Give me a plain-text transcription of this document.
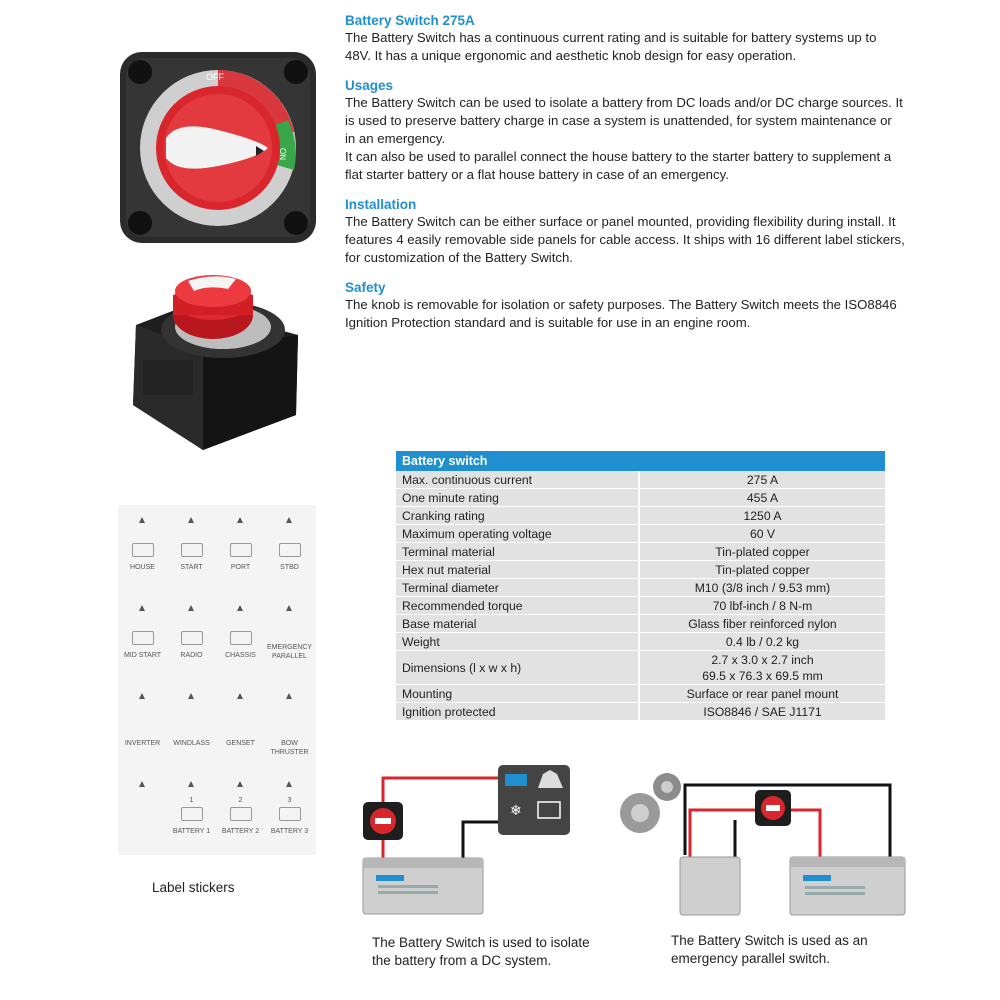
OFF
ON

Battery Switch 275A

The Battery Switch has a continuous current rating and is suitable for battery systems up to 48V. It has a unique ergonomic and aesthetic knob design for easy operation.

Usages

The Battery Switch can be used to isolate a battery from DC loads and/or DC charge sources. It is used to preserve battery charge in case a system is unattended, for system maintenance or in an emergency.

It can also be used to parallel connect the house battery to the starter battery to supplement a flat starter battery or a flat house battery in case of an emergency.

Installation

The Battery Switch can be either surface or panel mounted, providing flexibility during install. It features 4 easily removable side panels for cable access. It ships with 16 different label stickers, for customization of the Battery Switch.

Safety

The knob is removable for isolation or safety purposes. The Battery Switch meets the ISO8846 Ignition Protection standard and is suitable for use in an engine room.

Battery switch	
Max. continuous current	275 A
One minute rating	455 A
Cranking rating	1250 A
Maximum operating voltage	60 V
Terminal material	Tin-plated copper
Hex nut material	Tin-plated copper
Terminal diameter	M10 (3/8 inch / 9.53 mm)
Recommended torque	70 lbf-inch / 8 N-m
Base material	Glass fiber reinforced nylon
Weight	0.4 lb / 0.2 kg
Dimensions (l x w x h)	2.7 x 3.0 x 2.7 inch
69.5 x 76.3 x 69.5 mm

Mounting	Surface or rear panel mount
Ignition protected	ISO8846 / SAE J1171
HOUSE	START	PORT	STBD
MID START	RADIO	CHASSIS
EMERGENCY PARALLEL
INVERTER	WINDLASS	GENSET	BOW THRUSTER
1
BATTERY 1
2
BATTERY 2
3
BATTERY 3
Label stickers
❄
The Battery Switch is used to isolate the battery from a DC system.
The Battery Switch is used as an emergency parallel switch.
